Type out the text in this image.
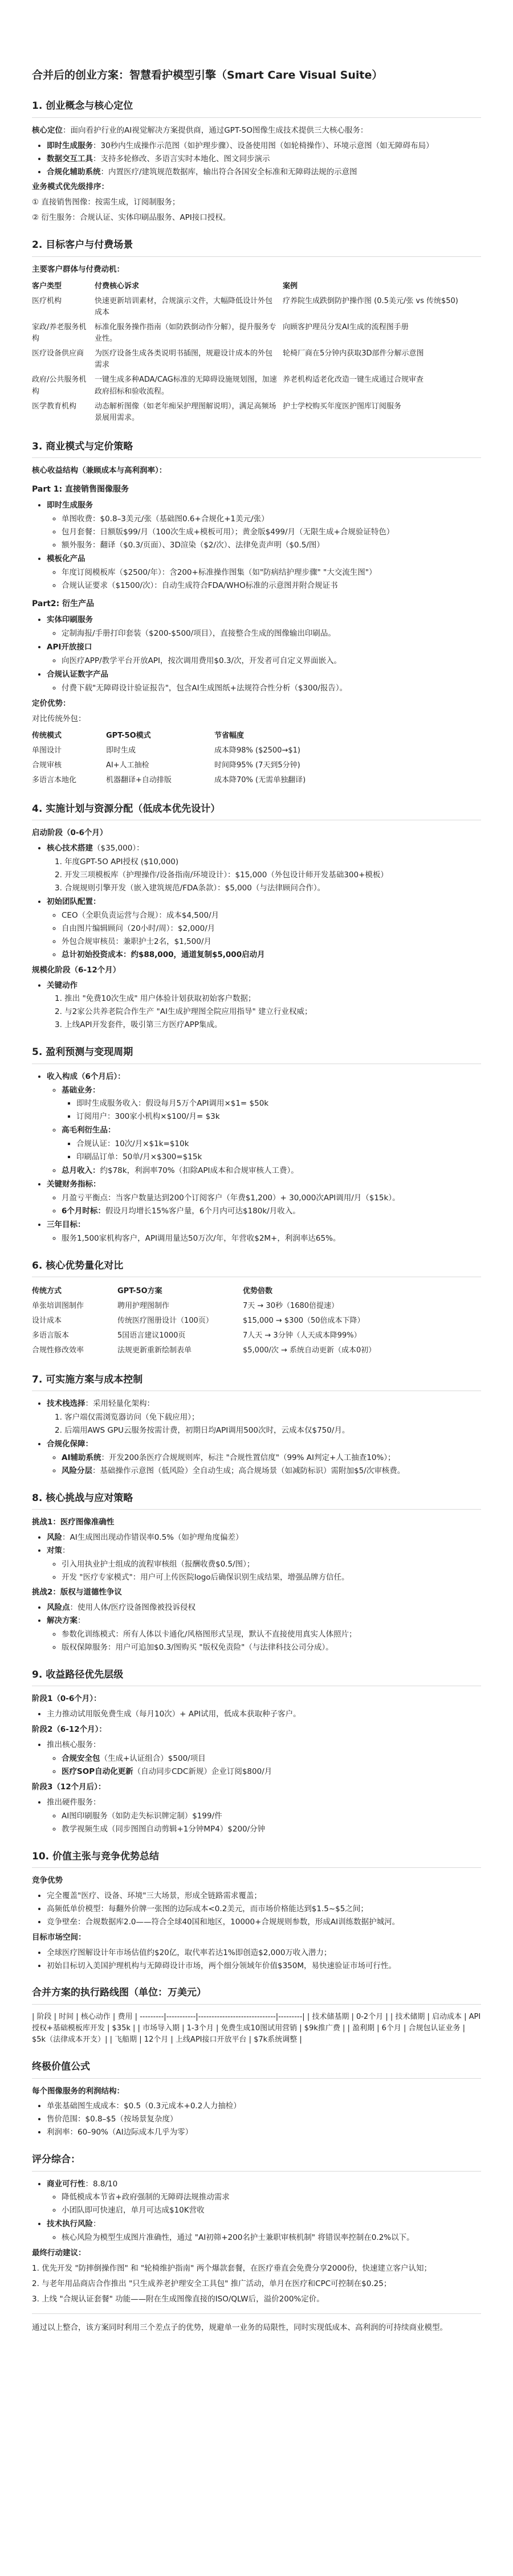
合并后的创业方案：智慧看护模型引擎（Smart Care Visual Suite）
1. 创业概念与核心定位

核心定位：面向看护行业的AI视觉解决方案提供商，通过GPT-5O图像生成技术提供三大核心服务：

• 即时生成服务：30秒内生成操作示范图（如护理步骤）、设备使用图（如轮椅操作）、环境示意图（如无障碍布局）
• 数据交互工具：支持多轮修改、多语言实时本地化、图文同步演示
• 合规化辅助系统：内置医疗/建筑规范数据库，输出符合各国安全标准和无障碍法规的示意图

业务模式优先级排序：

① 直接销售图像：按需生成，订阅制服务；

② 衍生服务：合规认证、实体印刷品服务、API接口授权。

2. 目标客户与付费场景

主要客户群体与付费动机：

客户类型	付费核心诉求	案例
医疗机构	快速更新培训素材，合规演示文件，大幅降低设计外包成本	疗养院生成跌倒防护操作图 (0.5美元/张 vs 传统$50)
家政/养老服务机构	标准化服务操作指南（如防跌倒动作分解），提升服务专业性。	向顾客护理员分发AI生成的流程图手册
医疗设备供应商	为医疗设备生成各类说明书插图，规避设计成本的外包需求	轮椅厂商在5分钟内获取3D部件分解示意图
政府/公共服务机构	一键生成多种ADA/CAG标准的无障碍设施规划图，加速政府招标和验收流程。	养老机构适老化改造一键生成通过合规审查
医学教育机构	动态解析图像（如老年痴呆护理图解说明），满足高频场景展用需求。	护士学校购买年度医护图库订阅服务
3. 商业模式与定价策略

核心收益结构（兼顾成本与高利润率）：

Part 1: 直接销售图像服务
• 即时生成服务
◦ 单图收费：$0.8–3美元/张（基础图0.6+合规化+1美元/张）
◦ 包月套餐：日额版$99/月（100次生成+模板可用）；黄金版$499/月（无限生成+合规验证特色）
◦ 额外服务：翻译（$0.3/页面）、3D渲染（$2/次）、法律免责声明（$0.5/图）
• 模板化产品
◦ 年度订阅模板库（$2500/年）：含200+标准操作图集（如"防病结护理步骤" "大交流生图"）
◦ 合规认证要求（$1500/次）：自动生成符合FDA/WHO标准的示意图并附合规证书
Part2: 衍生产品
• 实体印刷服务
◦ 定制海报/手册打印套装（$200-$500/项目），直接整合生成的图像输出印刷品。
• API开放接口
◦ 向医疗APP/教学平台开放API，按次调用费用$0.3/次，开发者可自定义界面嵌入。
• 合规认证数字产品
◦ 付费下载"无障碍设计验证报告"，包含AI生成图纸+法规符合性分析（$300/报告）。

定价优势：

对比传统外包：

传统模式	GPT-5O模式	节省幅度
单图设计	即时生成	成本降98% ($2500→$1)
合规审核	AI+人工抽检	时间降95% (7天到5分钟)
多语言本地化	机器翻译+自动排版	成本降70% (无需单独翻译)
4. 实施计划与资源分配（低成本优先设计）

启动阶段（0-6个月）

• 核心技术搭建（$35,000）：
1. 年度GPT-5O API授权 ($10,000)
2. 开发三项模板库（护理操作/设备指南/环境设计）：$15,000（外包设计师开发基础300+模板）
3. 合规规则引擎开发（嵌入建筑规范/FDA条款）：$5,000（与法律顾问合作）。
• 初始团队配置：
◦ CEO（全职负责运营与合规）：成本$4,500/月
◦ 自由图片编辑顾问（20小时/周）：$2,000/月
◦ 外包合规审核员：兼职护士2名，$1,500/月
◦ 总计初始投资成本：约$88,000，通道复制$5,000启动月

规模化阶段（6-12个月）

• 关键动作
1. 推出 "免费10次生成" 用户体验计划获取初始客户数据；
2. 与2家公共养老院合作生产 "AI生成护理图全院应用指导" 建立行业权威；
3. 上线API开发套件，吸引第三方医疗APP集成。
5. 盈利预测与变现周期
• 收入构成（6个月后）：
◦ 基础业务：
▪ 即时生成服务收入：假设每月5万个API调用×$1= $50k
▪ 订阅用户：300家小机构×$100/月= $3k
◦ 高毛利衍生品：
▪ 合规认证：10次/月×$1k=$10k
▪ 印刷品订单：50单/月×$300=$15k
◦ 总月收入：约$78k，利润率70%（扣除API成本和合规审核人工费）。
• 关键财务指标：
◦ 月盈亏平衡点：当客户数量达到200个订阅客户（年费$1,200）+ 30,000次API调用/月（$15k）。
◦ 6个月时标：假设月均增长15%客户量，6个月内可达$180k/月收入。
• 三年目标：
◦ 服务1,500家机构客户，API调用量达50万次/年，年营收$2M+，利润率达65%。
6. 核心优势量化对比
传统方式	GPT-5O方案	优势倍数
单张培训图制作	聘用护理图制作	7天 → 30秒（1680倍提速）
设计成本	传统医疗图册设计（100页）	$15,000 → $300（50倍成本下降）
多语言版本	5国语言建议1000页	7人天 → 3分钟（人天成本降99%）
合规性修改效率	法规更新重新绘制表单	$5,000/次 → 系统自动更新（成本0初）
7. 可实施方案与成本控制
• 技术栈选择：采用轻量化架构：
1. 客户端仅需浏览器访问（免下载应用）；
2. 后端用AWS GPU云服务按需计费，初期日均API调用500次时，云成本仅$750/月。
• 合规化保障：
◦ AI辅助系统：开发200条医疗合规规则库，标注 "合规性置信度"（99% AI判定+人工抽查10%）；
◦ 风险分层：基础操作示意图（低风险）全自动生成；高合规场景（如减防标识）需附加$5/次审核费。
8. 核心挑战与应对策略

挑战1：医疗图像准确性

• 风险：AI生成图出现动作错误率0.5%（如护理角度偏差）
• 对策：
◦ 引入用执业护士组成的流程审核组（报酬收费$0.5/图）；
◦ 开发 "医疗专家模式"：用户可上传医院logo后确保识别生成结果，增强品牌方信任。

挑战2：版权与道德性争议

• 风险点：使用人体/医疗设备图像被投诉侵权
• 解决方案：
◦ 参数化训练模式：所有人体以卡通化/风格图形式呈现，默认不直接使用真实人体照片；
◦ 版权保障服务：用户可追加$0.3/图购买 "版权免责险"（与法律科技公司分成）。
9. 收益路径优先层级

阶段1（0-6个月）：

• 主力推动试用版免费生成（每月10次）+ API试用，低成本获取种子客户。

阶段2（6-12个月）：

• 推出核心服务：
◦ 合规安全包（生成+认证组合）$500/项目
◦ 医疗SOP自动化更新（自动同步CDC新规）企业订阅$800/月

阶段3（12个月后）：

• 推出硬件服务：
◦ AI图印刷服务（如防走失标识牌定制）$199/件
◦ 教学视频生成（同步图图自动剪辑+1分钟MP4）$200/分钟
10. 价值主张与竞争优势总结

竞争优势

• 完全覆盖"医疗、设备、环境"三大场景，形成全链路需求覆盖；
• 高频低单价模型：每翻外价牌一张图的边际成本<0.2美元，而市场价格能达到$1.5~$5之间；
• 竞争壁垒：合规数据库2.0——符合全球40国和地区，10000+合规规则参数，形成AI训练数据护城河。

目标市场空间：

• 全球医疗图解设计年市场估值约$20亿，取代率若达1%即创造$2,000万收入潜力；
• 初始目标切入美国护理机构与无障碍设计市场，两个细分领域年价值$350M，易快速验证市场可行性。
合并方案的执行路线图（单位：万美元）

| 阶段 | 时间 | 核心动作 | 费用 | ---------|-----------|-----------------------------|---------| | 技术储基期 | 0-2个月 | | 技术储期 | 启动成本 | API授权+基础模板库开发 | $35k | | 市场导入期 | 1-3个月 | 免费生成10图试用营销 | $9k推广费 | | 盈利期 | 6个月 | 合规包认证业务 | $5k（法律成本开支）| | 飞船期 | 12个月 | 上线API接口开放平台 | $7k系统调整 |

终极价值公式

每个图像服务的利润结构：

• 单张基础图生成成本：$0.5（0.3元成本+0.2人力抽检）
• 售价范围：$0.8–$5（按场景复杂度）
• 利润率：60–90%（AI边际成本几乎为零）
评分综合：
• 商业可行性：8.8/10
◦ 降低模成本节省+政府强制的无障碍法规推动需求
◦ 小团队即可快速启，单月可达成$10K营收
• 技术执行风险：
◦ 核心风险为模型生成图片准确性，通过 "AI初筛+200名护士兼职审核机制" 将错误率控制在0.2%以下。

最终行动建议：

1. 优先开发 "防摔倒操作图" 和 "轮椅维护指南" 两个爆款套餐，在医疗垂直会免费分享2000份，快速建立客户认知；

2. 与老年用品商店合作推出 "只生成养老护理安全工具包" 推广活动，单月在医疗和CPC可控制在$0.25；

3. 上线 "合规认证套餐" 功能——附在生成图像直接的ISO/QLW后，溢价200%定价。

通过以上整合，该方案同时利用三个差点子的优势，规避单一业务的局限性，同时实现低成本、高利润的可持续商业模型。
